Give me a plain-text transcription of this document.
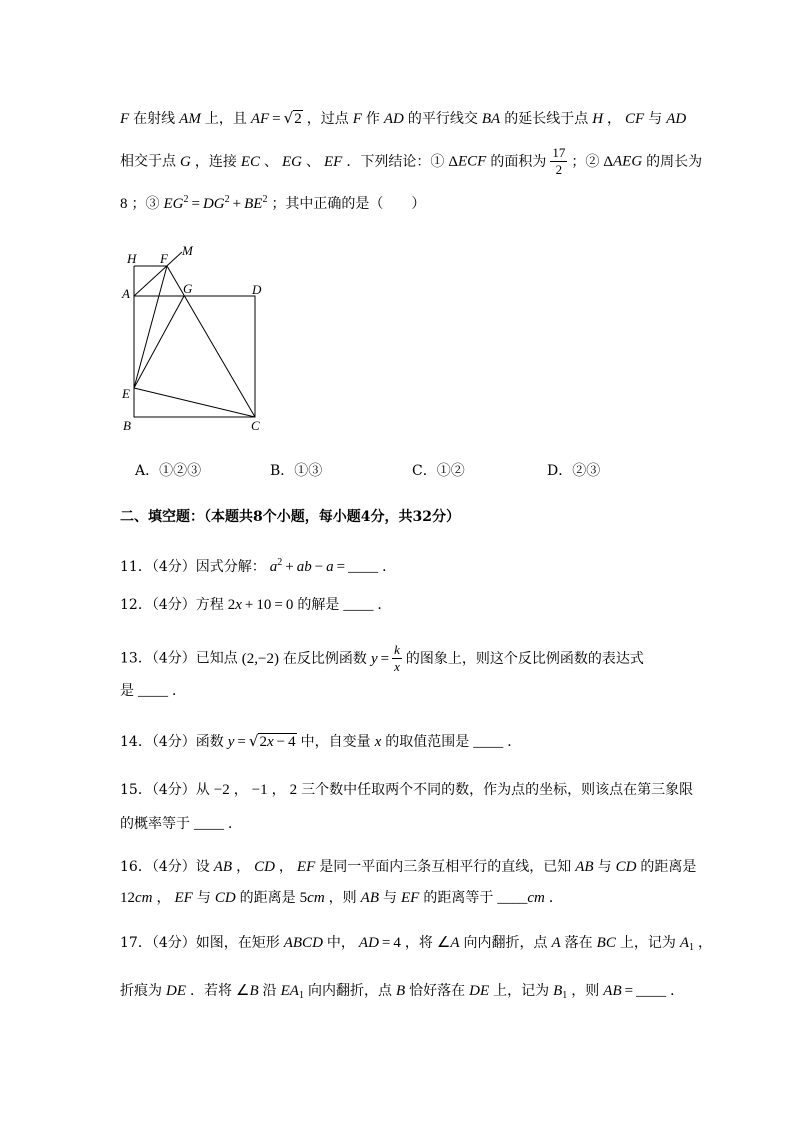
F 在射线 AM 上，且 AF = √ 2 ，过点 F 作 AD 的平行线交 BA 的延长线于点 H ， CF 与 AD
相交于点 G ，连接 EC 、 EG 、 EF ．下列结论：① ΔECF 的面积为 $\frac{17}{2}$ ；② ΔAEG 的周长为
8 ；③ $EG^2 = DG^2 + BE^2$ ；其中正确的是（　　）
H F
M
A	G	D
E
B	C
A．①②③	B．①③	C．①②	D．②③
二、填空题：（本题共8个小题，每小题4分，共32分）
11．（4分）因式分解： $a^2$ + ab − a = ____ ．
12．（4分）方程 2x + 10 = 0 的解是 ____ ．
13．（4分）已知点 (2,−2) 在反比例函数 $y = \frac{k}{x}$ 的图象上，则这个反比例函数的表达式
是 ____ ．
14．（4分）函数 y = √ 2x − 4 中，自变量 x 的取值范围是 ____ ．
15．（4分）从 −2 ， −1 ， 2 三个数中任取两个不同的数，作为点的坐标，则该点在第三象限
的概率等于 ____ ．
16．（4分）设 AB ， CD ， EF 是同一平面内三条互相平行的直线，已知 AB 与 CD 的距离是
12cm ， EF 与 CD 的距离是 5cm ，则 AB 与 EF 的距离等于 ____cm ．
17．（4分）如图，在矩形 ABCD 中， AD = 4 ，将 ∠A 向内翻折，点 A 落在 BC 上，记为 $A_1$ ，
折痕为 DE ．若将 ∠B 沿 $EA_1$ 向内翻折，点 B 恰好落在 DE 上，记为 $B_1$ ，则 AB = ____ ．
